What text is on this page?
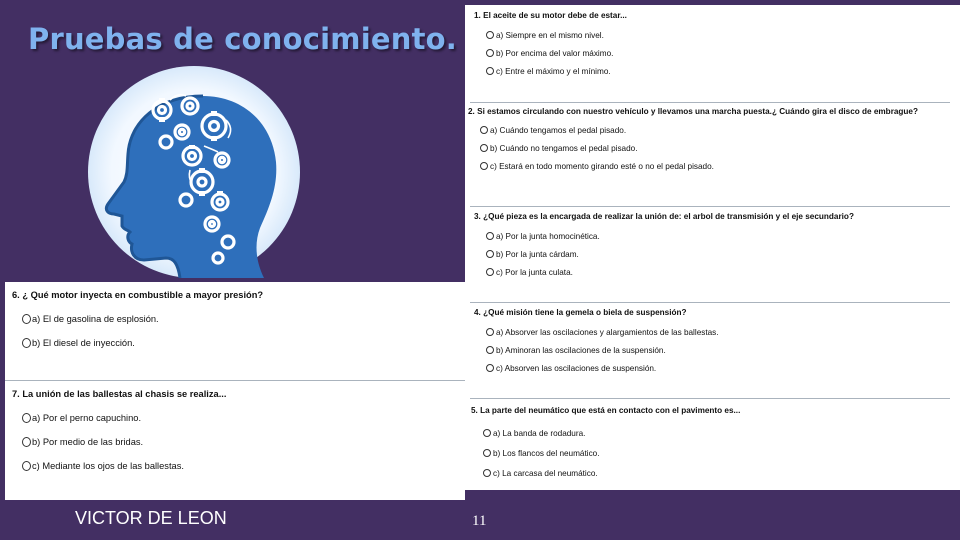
Pruebas de conocimiento.
1. El aceite de su motor debe de estar...
a) Siempre en el mismo nivel.
b) Por encima del valor máximo.
c) Entre el máximo y el mínimo.
2. Si estamos circulando con nuestro vehículo y llevamos una marcha puesta.¿ Cuándo gira el disco de embrague?
a) Cuándo tengamos el pedal pisado.
b) Cuándo no tengamos el pedal pisado.
c) Estará en todo momento girando esté o no el pedal pisado.
3. ¿Qué pieza es la encargada de realizar la unión de: el arbol de transmisión y el eje secundario?
a) Por la junta homocinética.
b) Por la junta cárdam.
c) Por la junta culata.
4. ¿Qué misión tiene la gemela o biela de suspensión?
a) Absorver las oscilaciones y alargamientos de las ballestas.
b) Aminoran las oscilaciones de la suspensión.
c) Absorven las oscilaciones de suspensión.
5. La parte del neumático que está en contacto con el pavimento es...
a) La banda de rodadura.
b) Los flancos del neumático.
c) La carcasa del neumático.
6. ¿ Qué motor inyecta en combustible a mayor presión?
a) El de gasolina de esplosión.
b) El diesel de inyección.
7. La unión de las ballestas al chasis se realiza...
a) Por el perno capuchino.
b) Por medio de las bridas.
c) Mediante los ojos de las ballestas.
VICTOR DE LEON	11
